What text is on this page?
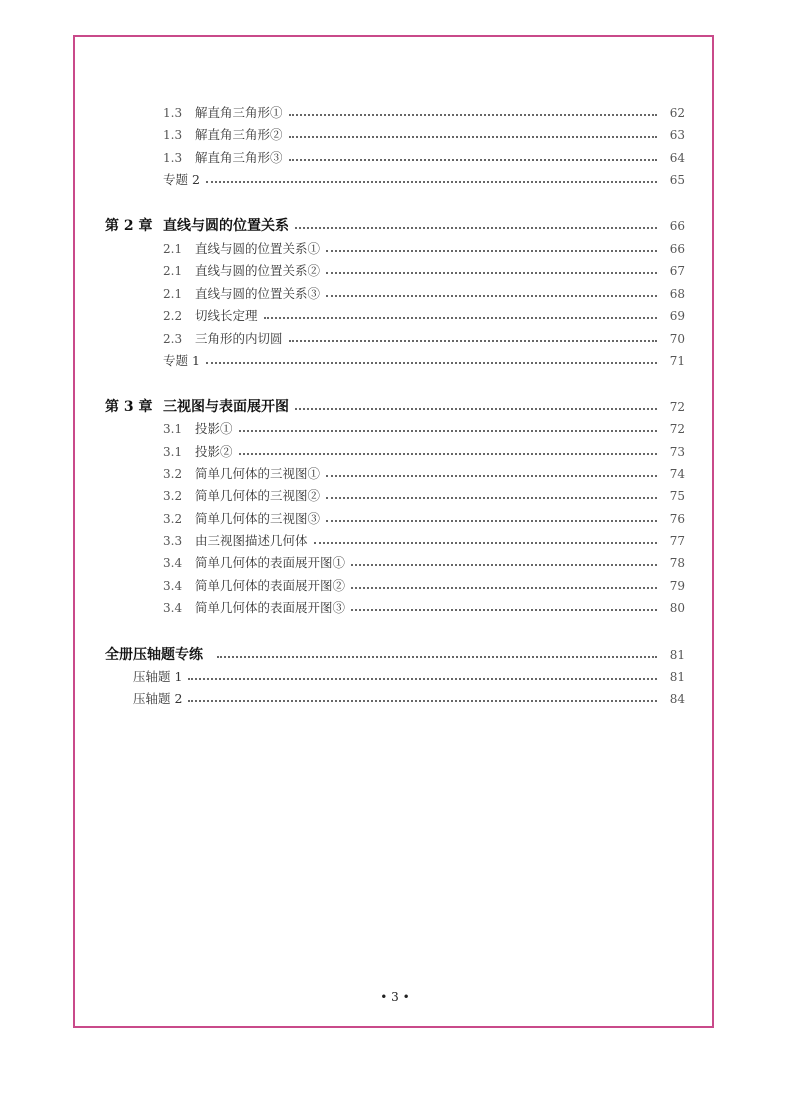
1.3	解直角三角形①	62
1.3	解直角三角形②	63
1.3	解直角三角形③	64
专题 2	65
第 2 章 直线与圆的位置关系	66
2.1	直线与圆的位置关系①	66
2.1	直线与圆的位置关系②	67
2.1	直线与圆的位置关系③	68
2.2	切线长定理	69
2.3	三角形的内切圆	70
专题 1	71
第 3 章 三视图与表面展开图	72
3.1	投影①	72
3.1	投影②	73
3.2	简单几何体的三视图①	74
3.2	简单几何体的三视图②	75
3.2	简单几何体的三视图③	76
3.3	由三视图描述几何体	77
3.4	简单几何体的表面展开图①	78
3.4	简单几何体的表面展开图②	79
3.4	简单几何体的表面展开图③	80
全册压轴题专练	81
压轴题 1	81
压轴题 2	84
• 3 •
